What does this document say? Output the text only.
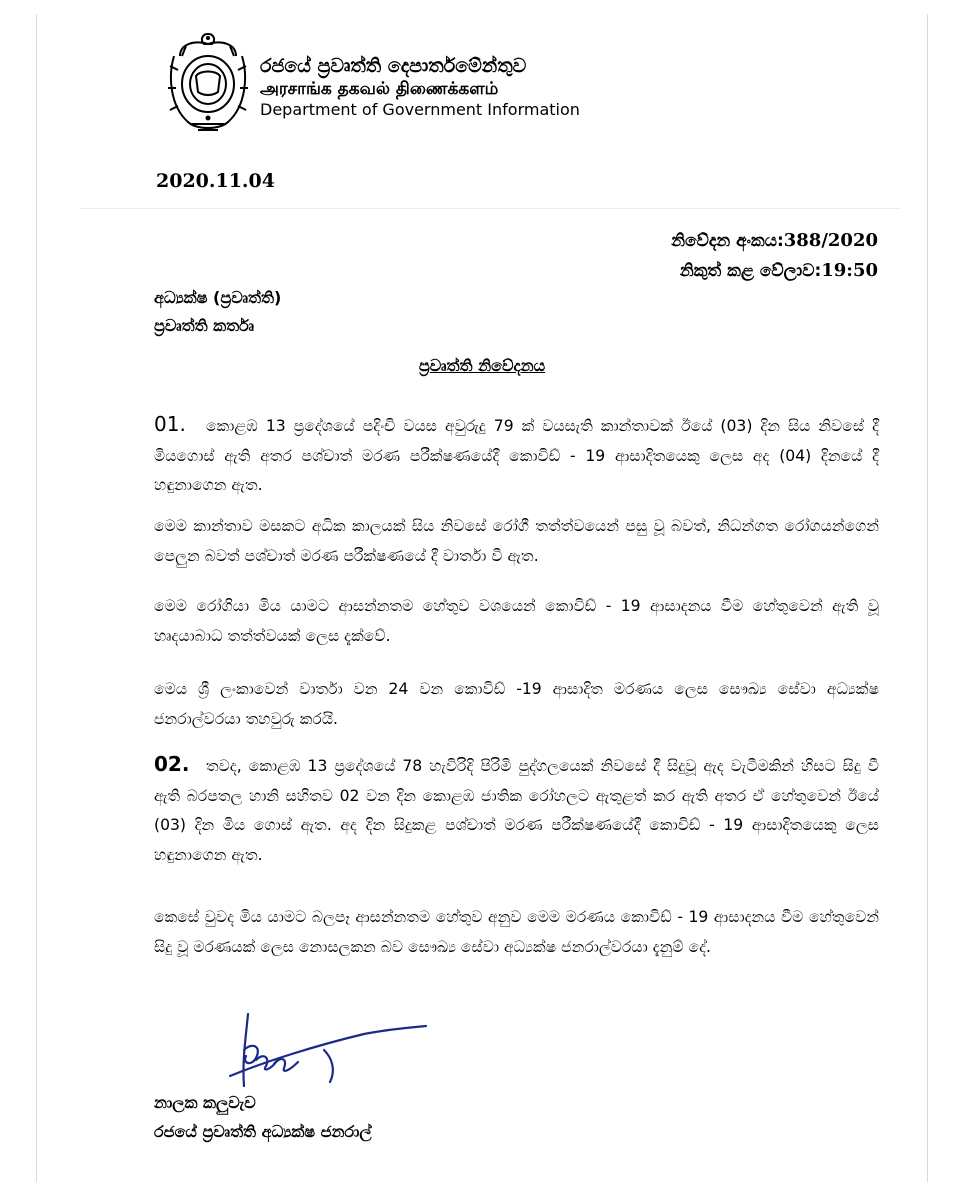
රජයේ ප්‍රවෘත්ති දෙපාර්තමේන්තුව
அரசாங்க தகவல் திணைக்களம்
Department of Government Information
2020.11.04
නිවේදන අංකය:388/2020
නිකුත් කළ වේලාව:19:50
අධ්‍යක්ෂ (ප්‍රවෘත්ති)
ප්‍රවෘත්ති කර්තෘ
ප්‍රවෘත්ති නිවේදනය
01. කොළඹ 13 ප්‍රදේශයේ පදිංචි වයස අවුරුදු 79 ක් වයසැති කාන්තාවක් ඊයේ (03) දින සිය නිවසේ දී මියගොස් ඇති අතර පශ්චාත් මරණ පරීක්ෂණයේදී කොවිඩ් - 19 ආසාදිතයෙකු ලෙස අද (04) දිනයේ දී හඳුනාගෙන ඇත.
මෙම කාන්තාව මසකට අධික කාලයක් සිය නිවසේ රෝගී තත්ත්වයෙන් පසු වූ බවත්, නිධන්ගත රෝගයන්ගෙන් පෙලුන බවත් පශ්චාත් මරණ පරීක්ෂණයේ දී වාර්තා වී ඇත.
මෙම රෝගියා මිය යාමට ආසන්නතම හේතුව වශයෙන් කොවිඩ් - 19 ආසාදනය වීම හේතුවෙන් ඇති වූ හෘදයාබාධ තත්ත්වයක් ලෙස දැක්වේ.
මෙය ශ්‍රී ලංකාවෙන් වාර්තා වන 24 වන කොවිඩ් -19 ආසාදිත මරණය ලෙස සෞඛ්‍ය සේවා අධ්‍යක්ෂ ජනරාල්වරයා තහවුරු කරයි.
02. තවද, කොළඹ 13 ප්‍රදේශයේ 78 හැවිරිදි පිරිමි පුද්ගලයෙක් නිවසේ දී සිදුවූ ඇද වැටීමකින් හිසට සිදු වී ඇති බරපතල හානි සහිතව 02 වන දින කොළඹ ජාතික රෝහලට ඇතුළත් කර ඇති අතර ඒ හේතුවෙන් ඊයේ (03) දින මිය ගොස් ඇත. අද දින සිදුකළ පශ්චාත් මරණ පරීක්ෂණයේදී කොවිඩ් - 19 ආසාදිතයෙකු ලෙස හඳුනාගෙන ඇත.
කෙසේ වුවද මිය යාමට බලපෑ ආසන්නතම හේතුව අනුව මෙම මරණය කොවිඩ් - 19 ආසාදනය වීම හේතුවෙන් සිදු වූ මරණයක් ලෙස නොසලකන බව සෞඛ්‍ය සේවා අධ්‍යක්ෂ ජනරාල්වරයා දැනුම් දේ.
නාලක කලුවැව
රජයේ ප්‍රවෘත්ති අධ්‍යක්ෂ ජනරාල්
